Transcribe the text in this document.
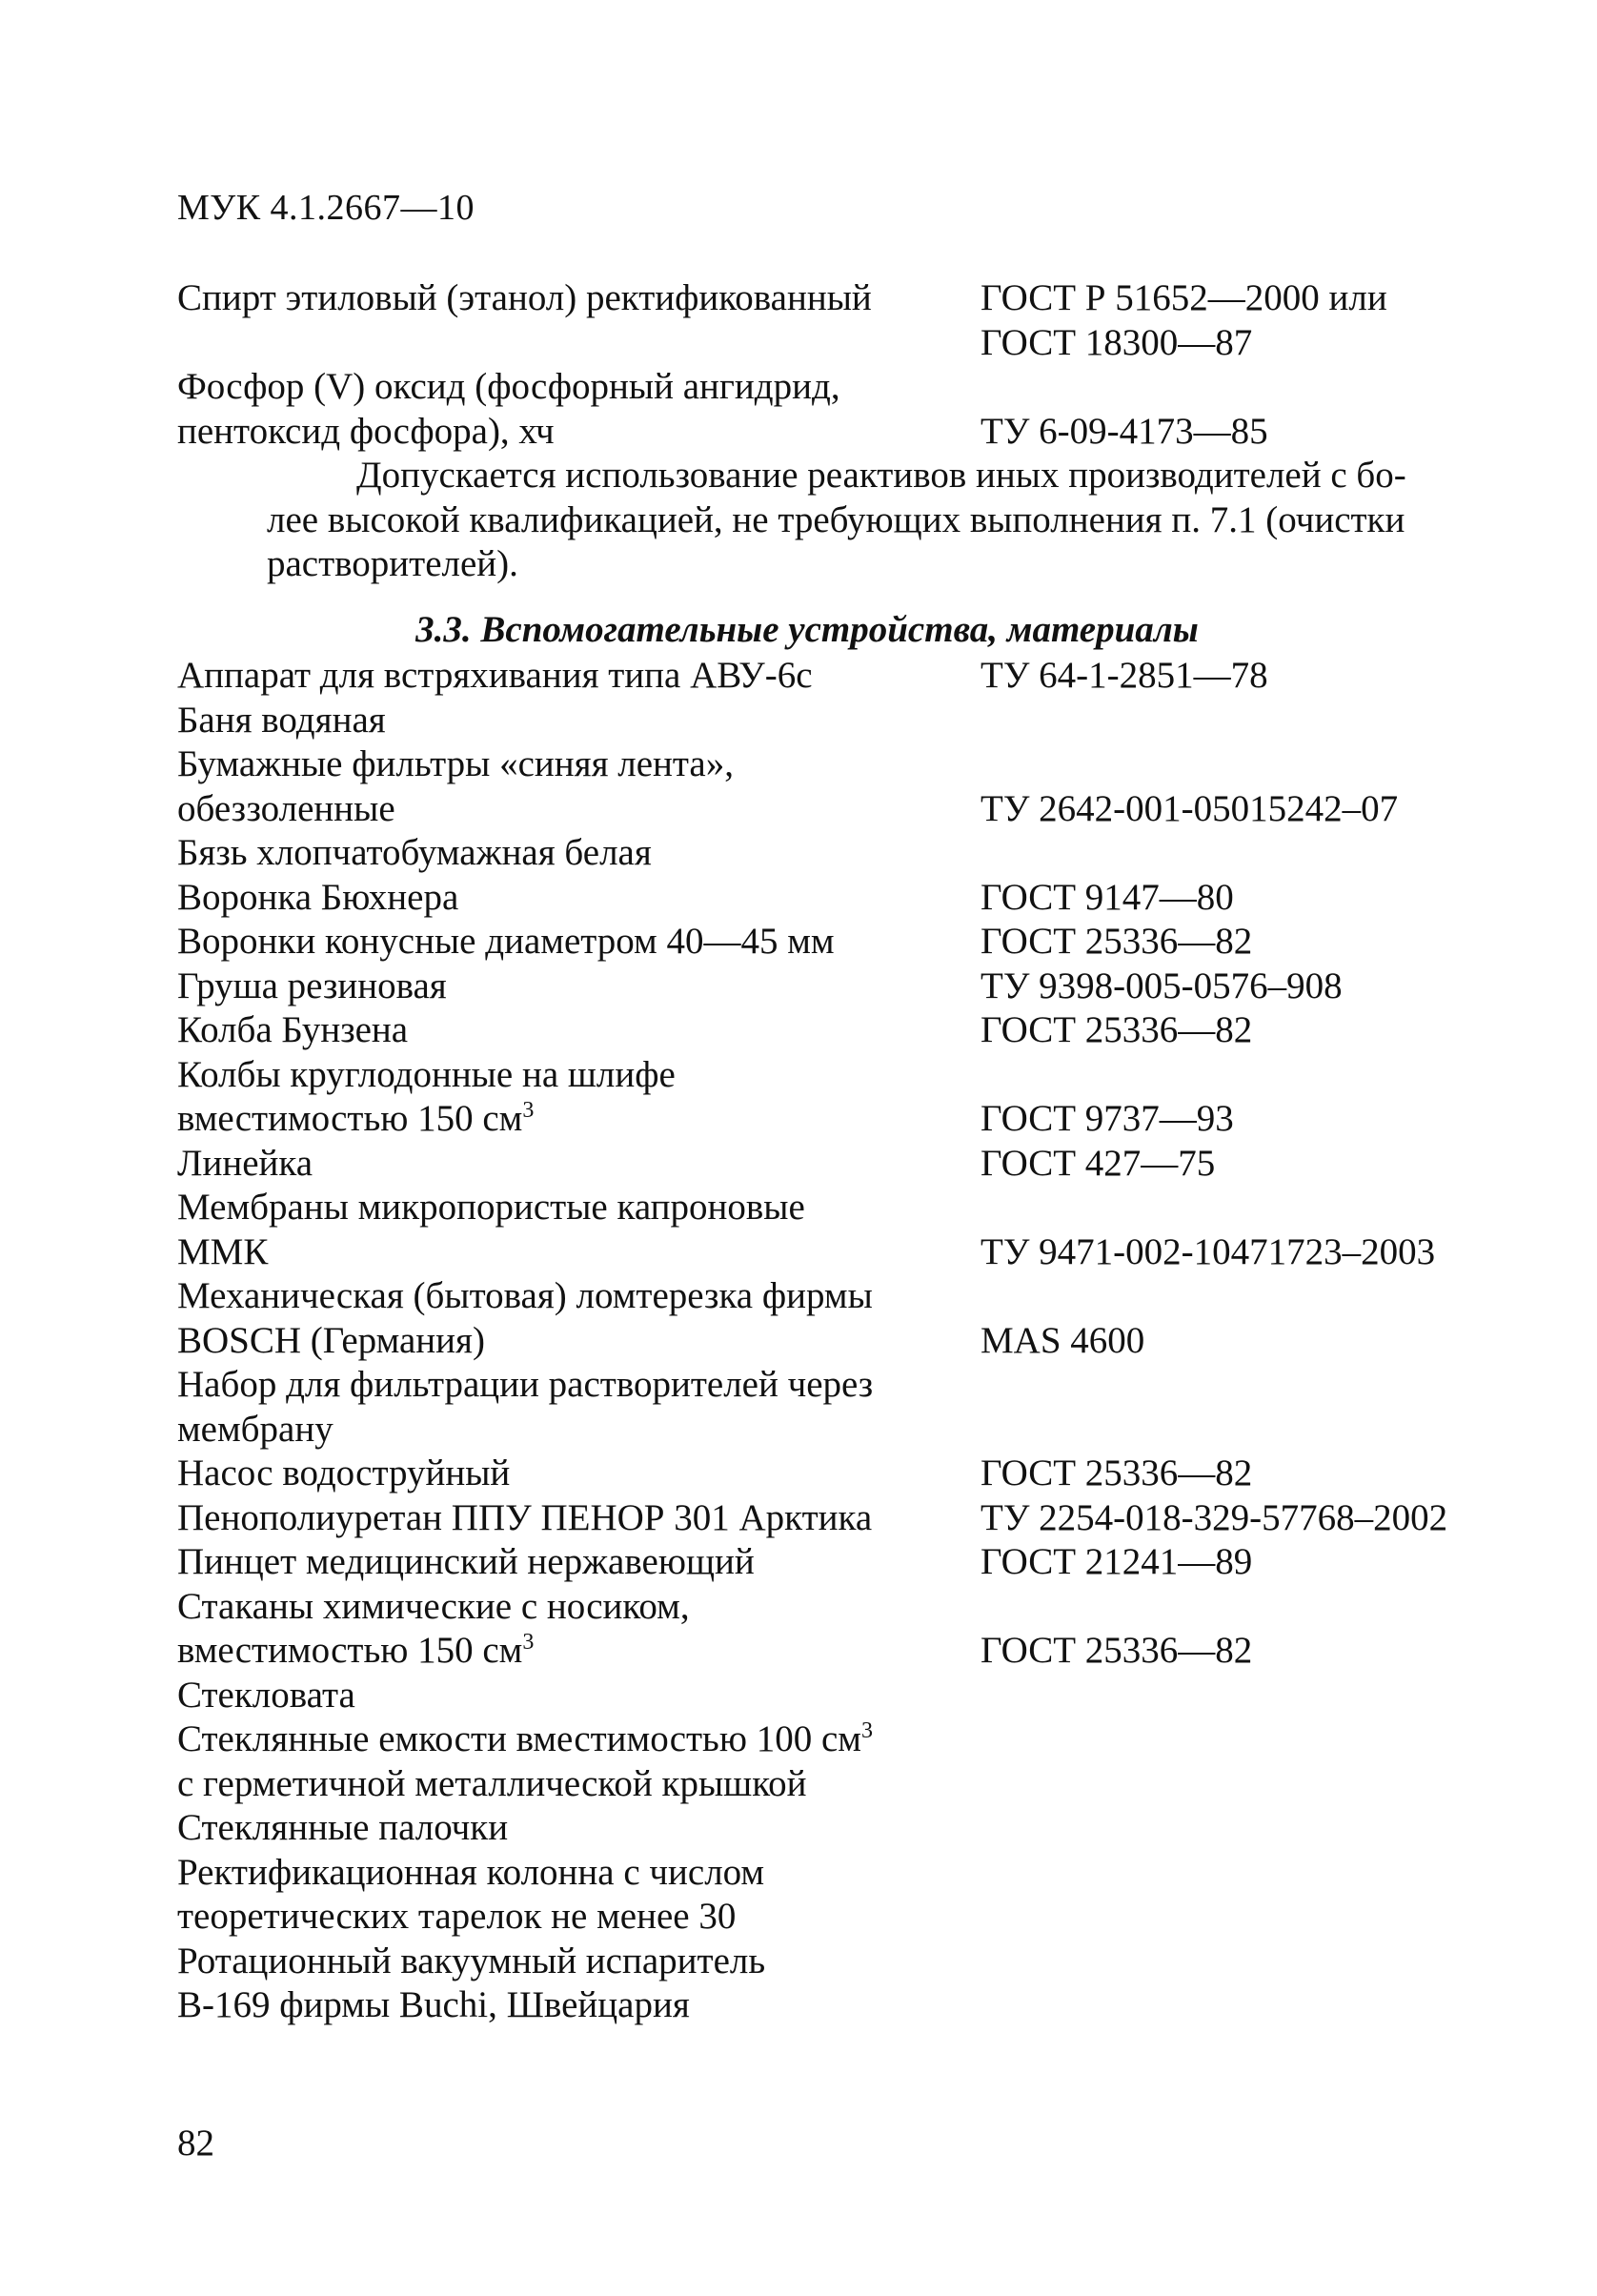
МУК 4.1.2667—10
Спирт этиловый (этанол) ректификованный	ГОСТ Р 51652—2000 или
ГОСТ 18300—87
Фосфор (V) оксид (фосфорный ангидрид,
пентоксид фосфора), хч	ТУ 6-09-4173—85
Допускается использование реактивов иных производителей с бо-
лее высокой квалификацией, не требующих выполнения п. 7.1 (очистки
растворителей).
3.3. Вспомогательные устройства, материалы
Аппарат для встряхивания типа АВУ-6с	ТУ 64-1-2851—78
Баня водяная
Бумажные фильтры «синяя лента»,
обеззоленные	ТУ 2642-001-05015242–07
Бязь хлопчатобумажная белая
Воронка Бюхнера	ГОСТ 9147—80
Воронки конусные диаметром 40—45 мм	ГОСТ 25336—82
Груша резиновая	ТУ 9398-005-0576–908
Колба Бунзена	ГОСТ 25336—82
Колбы круглодонные на шлифе
вместимостью 150 $см^3$	ГОСТ 9737—93
Линейка	ГОСТ 427—75
Мембраны микропористые капроновые
ММК	ТУ 9471-002-10471723–2003
Механическая (бытовая) ломтерезка фирмы
BOSCH (Германия)	MAS 4600
Набор для фильтрации растворителей через
мембрану
Насос водоструйный	ГОСТ 25336—82
Пенополиуретан ППУ ПЕНОР 301 Арктика	ТУ 2254-018-329-57768–2002
Пинцет медицинский нержавеющий	ГОСТ 21241—89
Стаканы химические с носиком,
вместимостью 150 $см^3$	ГОСТ 25336—82
Стекловата
Стеклянные емкости вместимостью 100 $см^3$
с герметичной металлической крышкой
Стеклянные палочки
Ректификационная колонна с числом
теоретических тарелок не менее 30
Ротационный вакуумный испаритель
В-169 фирмы Buchi, Швейцария
82
